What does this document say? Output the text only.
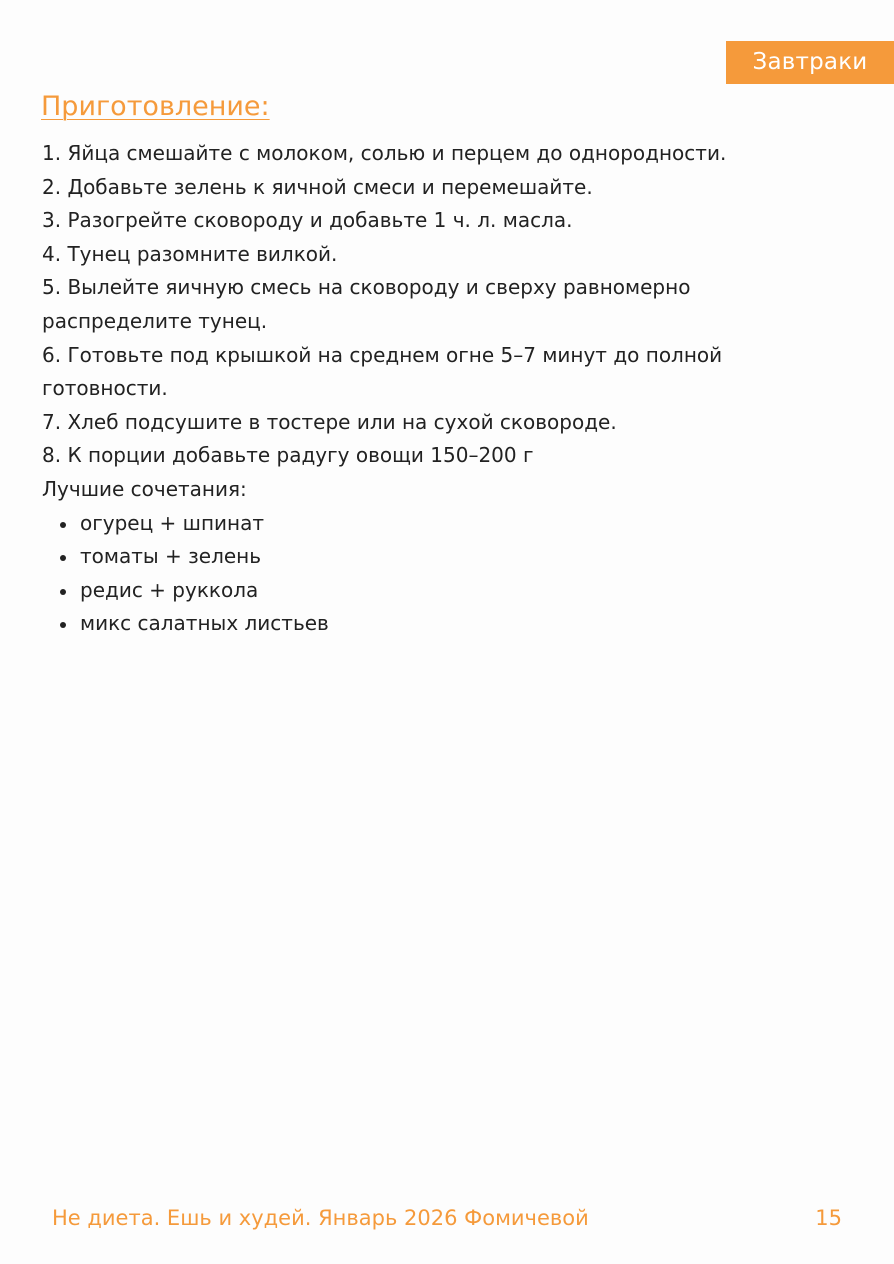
Завтраки
Приготовление:
1. Яйца смешайте с молоком, солью и перцем до однородности.
2. Добавьте зелень к яичной смеси и перемешайте.
3. Разогрейте сковороду и добавьте 1 ч. л. масла.
4. Тунец разомните вилкой.
5. Вылейте яичную смесь на сковороду и сверху равномерно
распределите тунец.
6. Готовьте под крышкой на среднем огне 5–7 минут до полной
готовности.
7. Хлеб подсушите в тостере или на сухой сковороде.
8. К порции добавьте радугу овощи 150–200 г
Лучшие сочетания:
огурец + шпинат
томаты + зелень
редис + руккола
микс салатных листьев
Не диета. Ешь и худей. Январь 2026 Фомичевой	15
